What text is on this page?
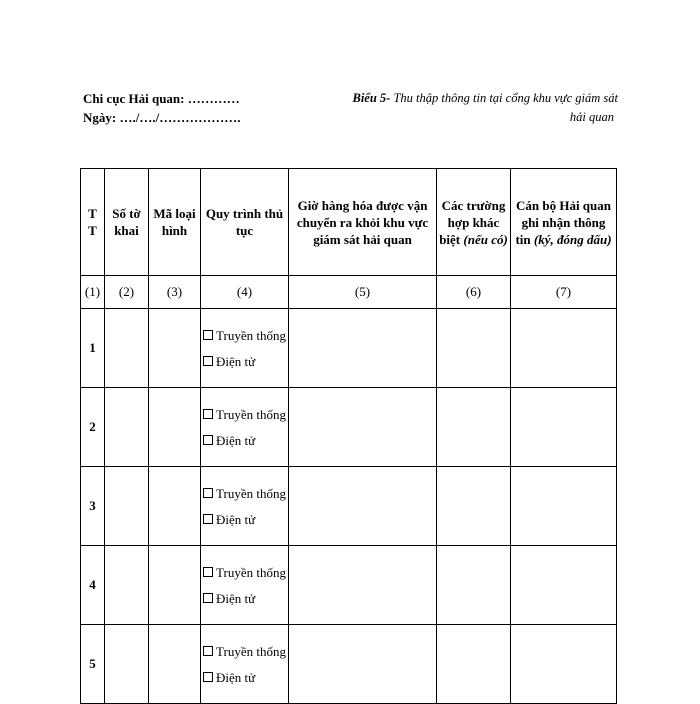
Chi cục Hải quan: …………
Ngày: …./…./……………….
Biểu 5- Thu thập thông tin tại cổng khu vực giám sát
hải quan
T T	Số tờ khai	Mã loại hình	Quy trình thủ tục	Giờ hàng hóa được vận chuyển ra khỏi khu vực giám sát hải quan	Các trường hợp khác biệt (nếu có)	Cán bộ Hải quan ghi nhận thông tin (ký, đóng dấu)
(1)	(2)	(3)	(4)	(5)	(6)	(7)
1			Truyền thống
Điện tử			

2			Truyền thống
Điện tử			

3			Truyền thống
Điện tử			

4			Truyền thống
Điện tử			

5			Truyền thống
Điện tử			
